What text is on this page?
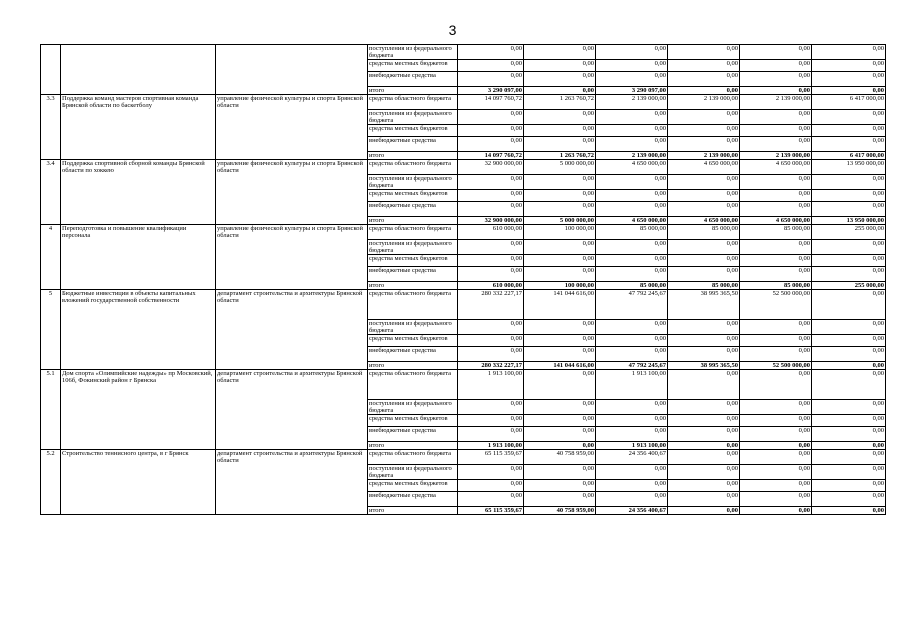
3
			поступления из федерального бюджета	0,00	0,00	0,00	0,00	0,00	0,00
			средства местных бюджетов	0,00	0,00	0,00	0,00	0,00	0,00
			внебюджетные средства	0,00	0,00	0,00	0,00	0,00	0,00
			итого	3 290 097,00	0,00	3 290 097,00	0,00	0,00	0,00
3.3	Поддержка команд мастеров спортивная команда Брянской области по баскетболу	управление физической культуры и спорта Брянской области	средства областного бюджета	14 097 760,72	1 263 760,72	2 139 000,00	2 139 000,00	2 139 000,00	6 417 000,00
			поступления из федерального бюджета	0,00	0,00	0,00	0,00	0,00	0,00
			средства местных бюджетов	0,00	0,00	0,00	0,00	0,00	0,00
			внебюджетные средства	0,00	0,00	0,00	0,00	0,00	0,00
			итого	14 097 760,72	1 263 760,72	2 139 000,00	2 139 000,00	2 139 000,00	6 417 000,00
3.4	Поддержка спортивной сборной команды Брянской области по хоккею	управление физической культуры и спорта Брянской области	средства областного бюджета	32 900 000,00	5 000 000,00	4 650 000,00	4 650 000,00	4 650 000,00	13 950 000,00
			поступления из федерального бюджета	0,00	0,00	0,00	0,00	0,00	0,00
			средства местных бюджетов	0,00	0,00	0,00	0,00	0,00	0,00
			внебюджетные средства	0,00	0,00	0,00	0,00	0,00	0,00
			итого	32 900 000,00	5 000 000,00	4 650 000,00	4 650 000,00	4 650 000,00	13 950 000,00
4	Переподготовка и повышение квалификации персонала	управление физической культуры и спорта Брянской области	средства областного бюджета	610 000,00	100 000,00	85 000,00	85 000,00	85 000,00	255 000,00
			поступления из федерального бюджета	0,00	0,00	0,00	0,00	0,00	0,00
			средства местных бюджетов	0,00	0,00	0,00	0,00	0,00	0,00
			внебюджетные средства	0,00	0,00	0,00	0,00	0,00	0,00
			итого	610 000,00	100 000,00	85 000,00	85 000,00	85 000,00	255 000,00
5	Бюджетные инвестиции в объекты капитальных вложений государственной собственности	департамент строительства и архитектуры Брянской области	средства областного бюджета	280 332 227,17	141 044 616,00	47 792 245,67	38 995 365,50	52 500 000,00	0,00
			поступления из федерального бюджета	0,00	0,00	0,00	0,00	0,00	0,00
			средства местных бюджетов	0,00	0,00	0,00	0,00	0,00	0,00
			внебюджетные средства	0,00	0,00	0,00	0,00	0,00	0,00
			итого	280 332 227,17	141 044 616,00	47 792 245,67	38 995 365,50	52 500 000,00	0,00
5.1	Дом спорта «Олимпийские надежды» пр Московский, 106б, Фокинский район г Брянска	департамент строительства и архитектуры Брянской области	средства областного бюджета	1 913 100,00	0,00	1 913 100,00	0,00	0,00	0,00
			поступления из федерального бюджета	0,00	0,00	0,00	0,00	0,00	0,00
			средства местных бюджетов	0,00	0,00	0,00	0,00	0,00	0,00
			внебюджетные средства	0,00	0,00	0,00	0,00	0,00	0,00
			итого	1 913 100,00	0,00	1 913 100,00	0,00	0,00	0,00
5.2	Строительство теннисного центра, в г Брянск	департамент строительства и архитектуры Брянской области	средства областного бюджета	65 115 359,67	40 758 959,00	24 356 400,67	0,00	0,00	0,00
			поступления из федерального бюджета	0,00	0,00	0,00	0,00	0,00	0,00
			средства местных бюджетов	0,00	0,00	0,00	0,00	0,00	0,00
			внебюджетные средства	0,00	0,00	0,00	0,00	0,00	0,00
			итого	65 115 359,67	40 758 959,00	24 356 400,67	0,00	0,00	0,00
